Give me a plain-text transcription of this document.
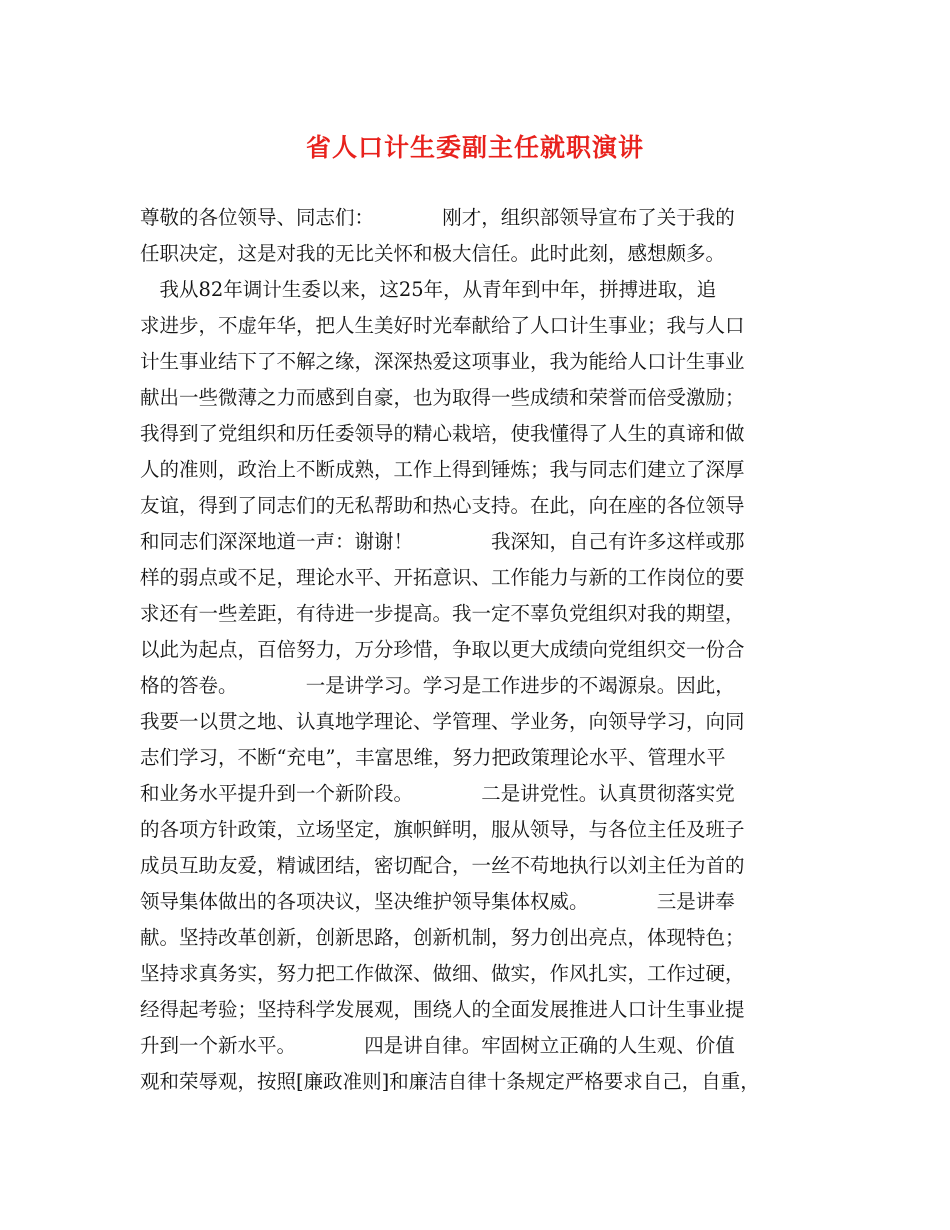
省人口计生委副主任就职演讲

尊敬的各位领导、同志们：　　　　刚才，组织部领导宣布了关于我的

任职决定，这是对我的无比关怀和极大信任。此时此刻，感想颇多。

　我从82年调计生委以来，这25年，从青年到中年，拼搏进取，追

求进步，不虚年华，把人生美好时光奉献给了人口计生事业；我与人口

计生事业结下了不解之缘，深深热爱这项事业，我为能给人口计生事业

献出一些微薄之力而感到自豪，也为取得一些成绩和荣誉而倍受激励；

我得到了党组织和历任委领导的精心栽培，使我懂得了人生的真谛和做

人的准则，政治上不断成熟，工作上得到锤炼；我与同志们建立了深厚

友谊，得到了同志们的无私帮助和热心支持。在此，向在座的各位领导

和同志们深深地道一声：谢谢！　　　　我深知，自己有许多这样或那

样的弱点或不足，理论水平、开拓意识、工作能力与新的工作岗位的要

求还有一些差距，有待进一步提高。我一定不辜负党组织对我的期望，

以此为起点，百倍努力，万分珍惜，争取以更大成绩向党组织交一份合

格的答卷。　　　　一是讲学习。学习是工作进步的不竭源泉。因此，

我要一以贯之地、认真地学理论、学管理、学业务，向领导学习，向同

志们学习，不断“充电”，丰富思维，努力把政策理论水平、管理水平

和业务水平提升到一个新阶段。　　　　二是讲党性。认真贯彻落实党

的各项方针政策，立场坚定，旗帜鲜明，服从领导，与各位主任及班子

成员互助友爱，精诚团结，密切配合，一丝不苟地执行以刘主任为首的

领导集体做出的各项决议，坚决维护领导集体权威。　　　　三是讲奉

献。坚持改革创新，创新思路，创新机制，努力创出亮点，体现特色；

坚持求真务实，努力把工作做深、做细、做实，作风扎实，工作过硬，

经得起考验；坚持科学发展观，围绕人的全面发展推进人口计生事业提

升到一个新水平。　　　　四是讲自律。牢固树立正确的人生观、价值

观和荣辱观，按照[廉政准则]和廉洁自律十条规定严格要求自己，自重，
